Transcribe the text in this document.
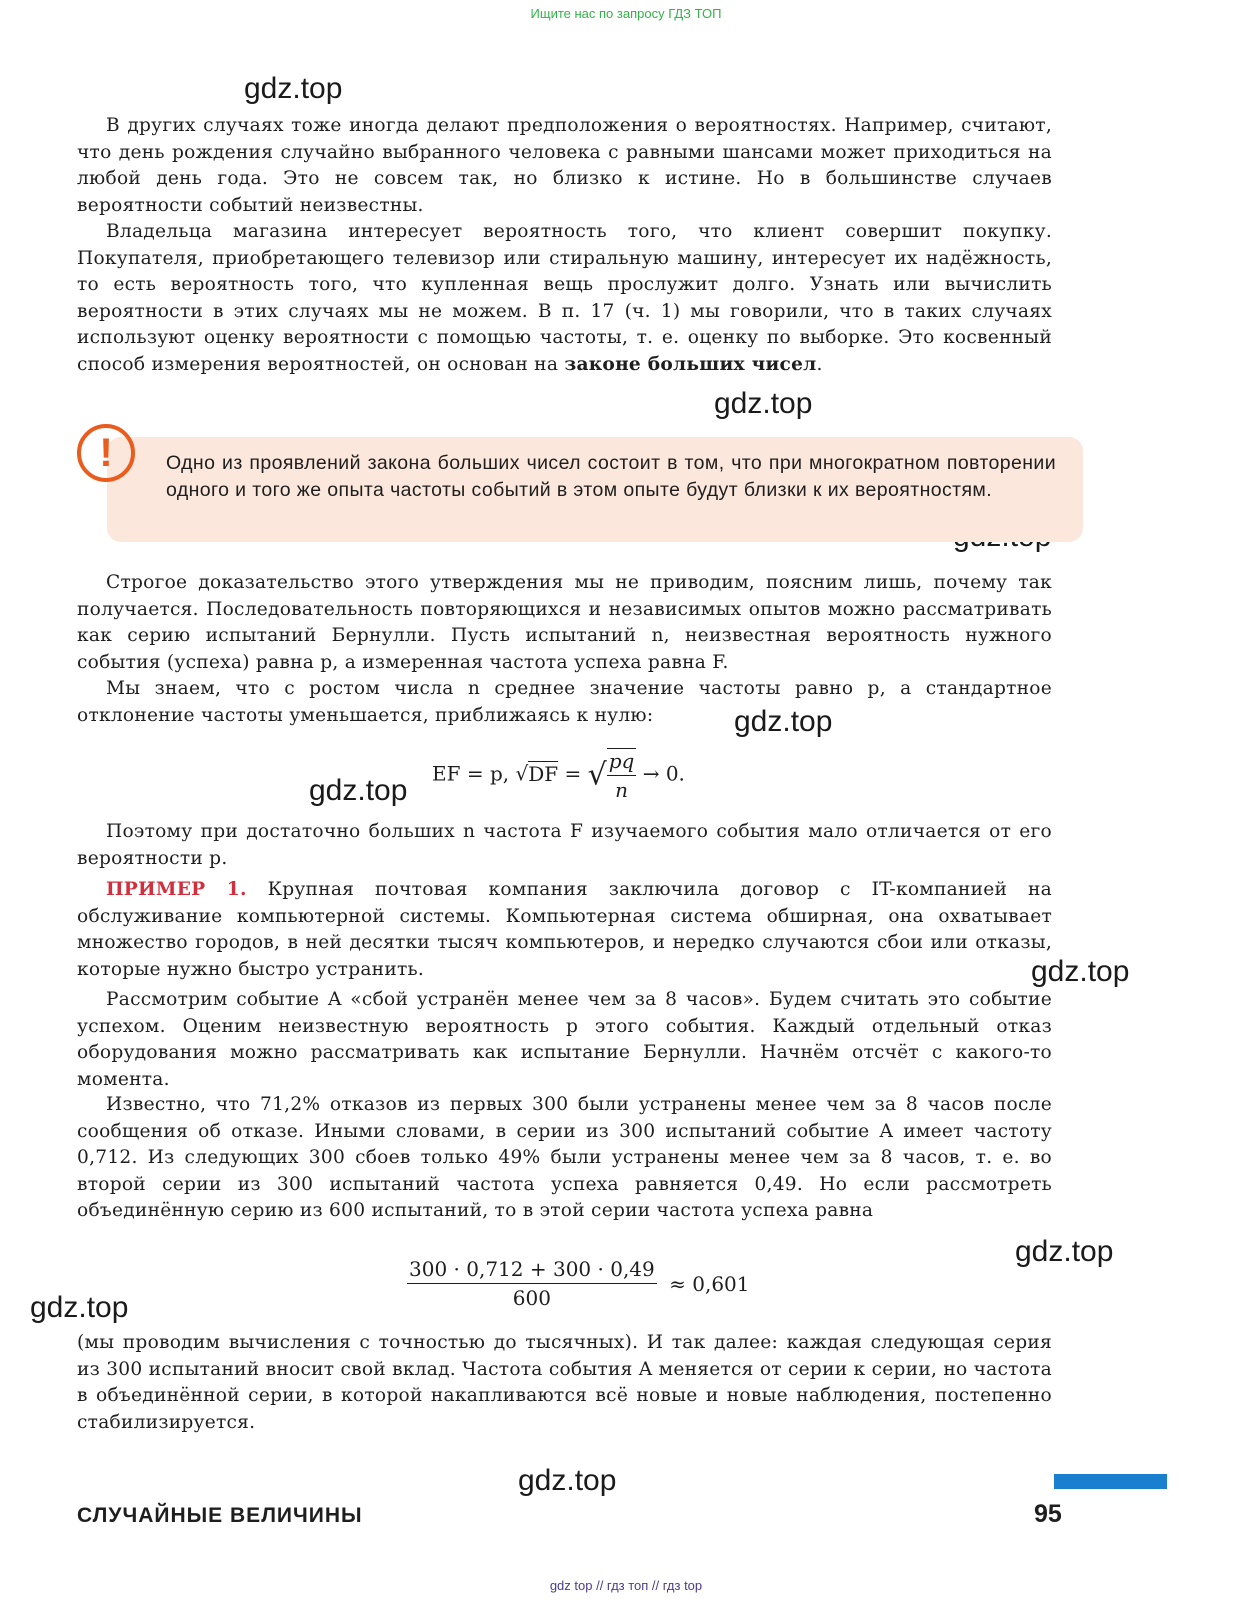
Ищите нас по запросу ГДЗ ТОП
gdz.top
gdz.top
gdz.top
gdz.top
gdz.top
gdz.top
gdz.top
gdz.top
В других случаях тоже иногда делают предположения о вероятностях. Например, считают, что день рождения случайно выбранного человека с равными шансами может приходиться на любой день года. Это не совсем так, но близко к истине. Но в большинстве случаев вероятности событий неизвестны.
Владельца магазина интересует вероятность того, что клиент совершит покупку. Покупателя, приобретающего телевизор или стиральную машину, интересует их надёжность, то есть вероятность того, что купленная вещь прослужит долго. Узнать или вычислить вероятности в этих случаях мы не можем. В п. 17 (ч. 1) мы говорили, что в таких случаях используют оценку вероятности с помощью частоты, т. е. оценку по выборке. Это косвенный способ измерения вероятностей, он основан на законе больших чисел.
!	Одно из проявлений закона больших чисел состоит в том, что при многократном повторении одного и того же опыта частоты событий в этом опыте будут близки к их вероятностям.
Строгое доказательство этого утверждения мы не приводим, поясним лишь, почему так получается. Последовательность повторяющихся и независимых опытов можно рассматривать как серию испытаний Бернулли. Пусть испытаний n, неизвестная вероятность нужного события (успеха) равна p, а измеренная частота успеха равна F.
Мы знаем, что с ростом числа n среднее значение частоты равно p, а стандартное отклонение частоты уменьшается, приближаясь к нулю:
EF = p, √DF = √ $\frac{pq}{n} \to 0$.
Поэтому при достаточно больших n частота F изучаемого события мало отличается от его вероятности p.
ПРИМЕР 1. Крупная почтовая компания заключила договор с IT-компанией на обслуживание компьютерной системы. Компьютерная система обширная, она охватывает множество городов, в ней десятки тысяч компьютеров, и нередко случаются сбои или отказы, которые нужно быстро устранить.
Рассмотрим событие A «сбой устранён менее чем за 8 часов». Будем считать это событие успехом. Оценим неизвестную вероятность p этого события. Каждый отдельный отказ оборудования можно рассматривать как испытание Бернулли. Начнём отсчёт с какого-то момента.
Известно, что 71,2% отказов из первых 300 были устранены менее чем за 8 часов после сообщения об отказе. Иными словами, в серии из 300 испытаний событие A имеет частоту 0,712. Из следующих 300 сбоев только 49% были устранены менее чем за 8 часов, т. е. во второй серии из 300 испытаний частота успеха равняется 0,49. Но если рассмотреть объединённую серию из 600 испытаний, то в этой серии частота успеха равна
$\frac{300 \cdot 0,712 + 300 \cdot 0,49}{600} \approx 0,601$
(мы проводим вычисления с точностью до тысячных). И так далее: каждая следующая серия из 300 испытаний вносит свой вклад. Частота события A меняется от серии к серии, но частота в объединённой серии, в которой накапливаются всё новые и новые наблюдения, постепенно стабилизируется.
СЛУЧАЙНЫЕ ВЕЛИЧИНЫ	95
gdz top // гдз топ // гдз top
